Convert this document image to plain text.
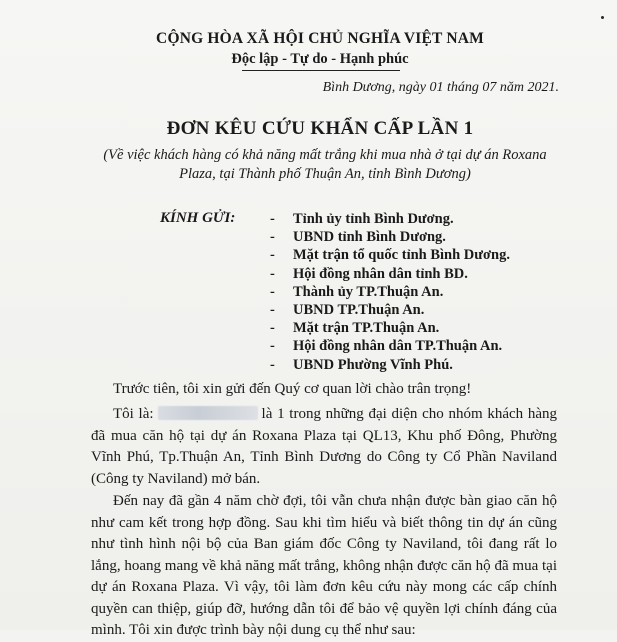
CỘNG HÒA XÃ HỘI CHỦ NGHĨA VIỆT NAM
Độc lập - Tự do - Hạnh phúc
Bình Dương, ngày 01 tháng 07 năm 2021.
ĐƠN KÊU CỨU KHẨN CẤP LẦN 1
(Về việc khách hàng có khả năng mất trắng khi mua nhà ở tại dự án Roxana Plaza, tại Thành phố Thuận An, tỉnh Bình Dương)
KÍNH GỬI: -	Tỉnh ủy tỉnh Bình Dương.
-	UBND tỉnh Bình Dương.
-	Mặt trận tổ quốc tỉnh Bình Dương.
-	Hội đồng nhân dân tỉnh BD.
-	Thành ủy TP.Thuận An.
-	UBND TP.Thuận An.
-	Mặt trận TP.Thuận An.
-	Hội đồng nhân dân TP.Thuận An.
-	UBND Phường Vĩnh Phú.
Trước tiên, tôi xin gửi đến Quý cơ quan lời chào trân trọng!
Tôi là:	là 1 trong những đại diện cho nhóm khách hàng đã mua căn hộ tại dự án Roxana Plaza tại QL13, Khu phố Đông, Phường Vĩnh Phú, Tp.Thuận An, Tỉnh Bình Dương do Công ty Cổ Phần Naviland (Công ty Naviland) mở bán.
Đến nay đã gần 4 năm chờ đợi, tôi vẫn chưa nhận được bàn giao căn hộ như cam kết trong hợp đồng. Sau khi tìm hiểu và biết thông tin dự án cũng như tình hình nội bộ của Ban giám đốc Công ty Naviland, tôi đang rất lo lắng, hoang mang về khả năng mất trắng, không nhận được căn hộ đã mua tại dự án Roxana Plaza. Vì vậy, tôi làm đơn kêu cứu này mong các cấp chính quyền can thiệp, giúp đỡ, hướng dẫn tôi để bảo vệ quyền lợi chính đáng của mình. Tôi xin được trình bày nội dung cụ thể như sau:
